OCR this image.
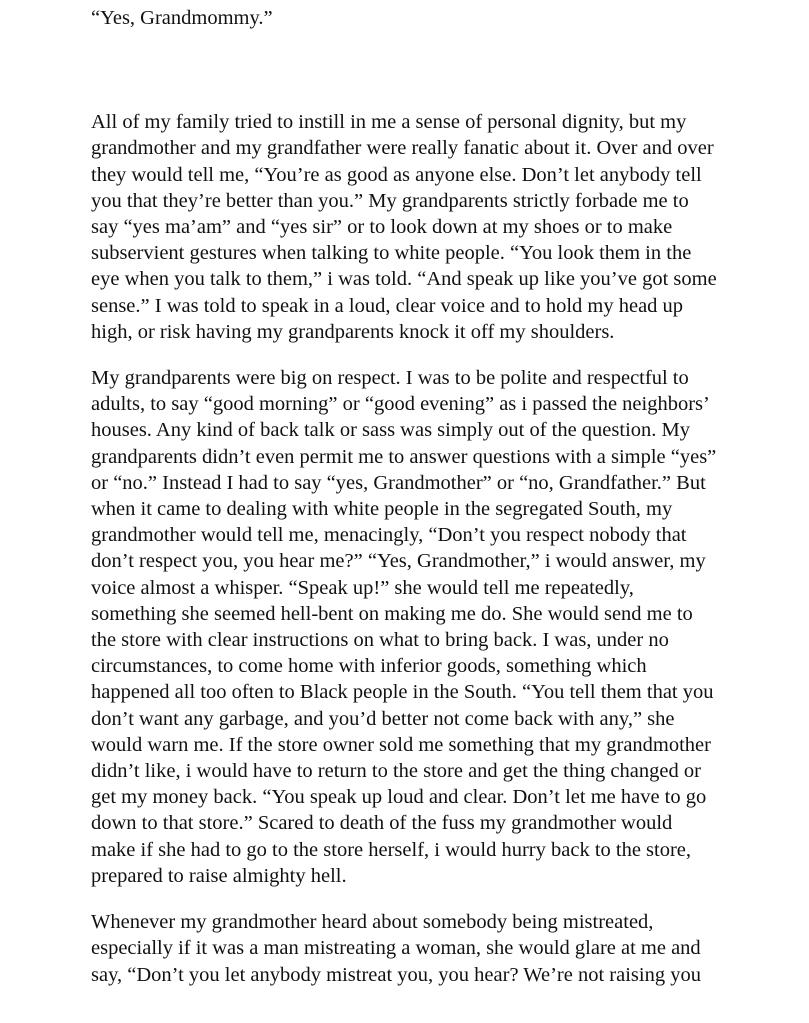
“Yes, Grandmommy.”

All of my family tried to instill in me a sense of personal dignity, but my
grandmother and my grandfather were really fanatic about it. Over and over
they would tell me, “You’re as good as anyone else. Don’t let anybody tell
you that they’re better than you.” My grandparents strictly forbade me to
say “yes ma’am” and “yes sir” or to look down at my shoes or to make
subservient gestures when talking to white people. “You look them in the
eye when you talk to them,” i was told. “And speak up like you’ve got some
sense.” I was told to speak in a loud, clear voice and to hold my head up
high, or risk having my grandparents knock it off my shoulders.

My grandparents were big on respect. I was to be polite and respectful to
adults, to say “good morning” or “good evening” as i passed the neighbors’
houses. Any kind of back talk or sass was simply out of the question. My
grandparents didn’t even permit me to answer questions with a simple “yes”
or “no.” Instead I had to say “yes, Grandmother” or “no, Grandfather.” But
when it came to dealing with white people in the segregated South, my
grandmother would tell me, menacingly, “Don’t you respect nobody that
don’t respect you, you hear me?” “Yes, Grandmother,” i would answer, my
voice almost a whisper. “Speak up!” she would tell me repeatedly,
something she seemed hell-bent on making me do. She would send me to
the store with clear instructions on what to bring back. I was, under no
circumstances, to come home with inferior goods, something which
happened all too often to Black people in the South. “You tell them that you
don’t want any garbage, and you’d better not come back with any,” she
would warn me. If the store owner sold me something that my grandmother
didn’t like, i would have to return to the store and get the thing changed or
get my money back. “You speak up loud and clear. Don’t let me have to go
down to that store.” Scared to death of the fuss my grandmother would
make if she had to go to the store herself, i would hurry back to the store,
prepared to raise almighty hell.

Whenever my grandmother heard about somebody being mistreated,
especially if it was a man mistreating a woman, she would glare at me and
say, “Don’t you let anybody mistreat you, you hear? We’re not raising you
